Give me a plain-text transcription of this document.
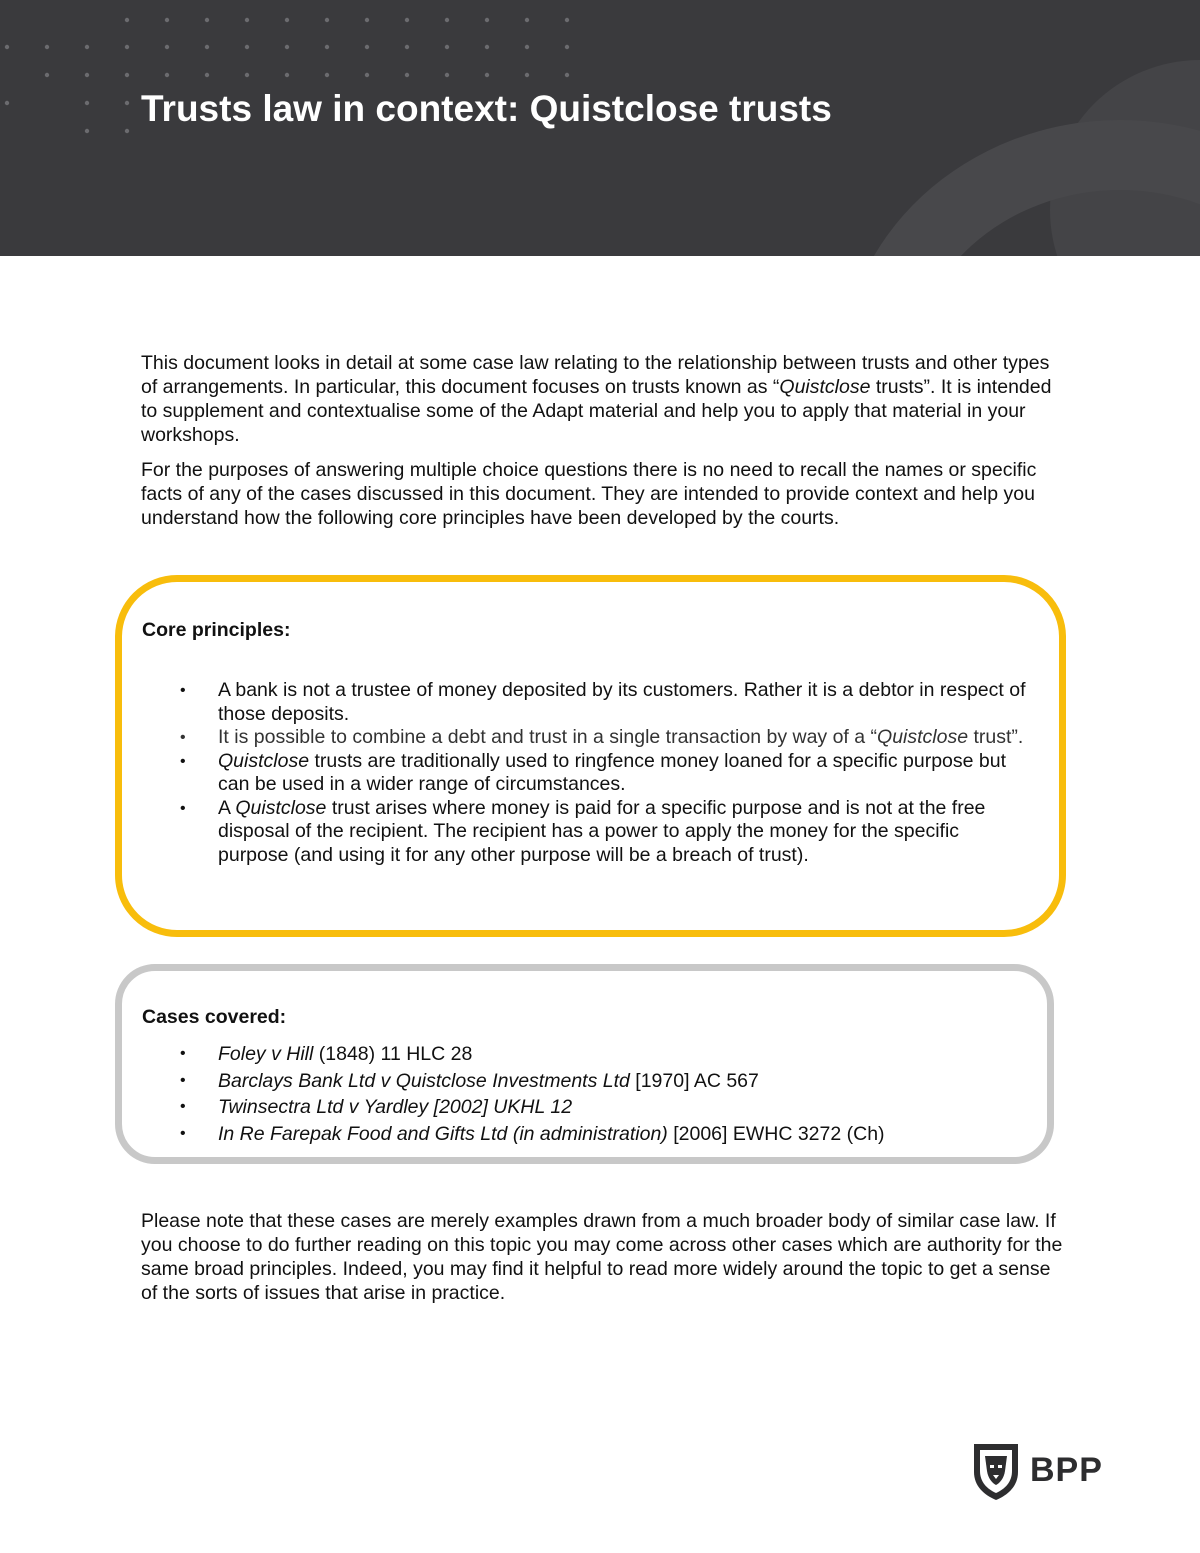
Trusts law in context: Quistclose trusts

This document looks in detail at some case law relating to the relationship between trusts and other types of arrangements. In particular, this document focuses on trusts known as “Quistclose trusts”. It is intended to supplement and contextualise some of the Adapt material and help you to apply that material in your workshops.

For the purposes of answering multiple choice questions there is no need to recall the names or specific facts of any of the cases discussed in this document. They are intended to provide context and help you understand how the following core principles have been developed by the courts.

Core principles:

• A bank is not a trustee of money deposited by its customers. Rather it is a debtor in respect of those deposits.
• It is possible to combine a debt and trust in a single transaction by way of a “Quistclose trust”.
• Quistclose trusts are traditionally used to ringfence money loaned for a specific purpose but can be used in a wider range of circumstances.
• A Quistclose trust arises where money is paid for a specific purpose and is not at the free disposal of the recipient. The recipient has a power to apply the money for the specific purpose (and using it for any other purpose will be a breach of trust).

Cases covered:

• Foley v Hill (1848) 11 HLC 28
• Barclays Bank Ltd v Quistclose Investments Ltd [1970] AC 567
• Twinsectra Ltd v Yardley [2002] UKHL 12
• In Re Farepak Food and Gifts Ltd (in administration) [2006] EWHC 3272 (Ch)

Please note that these cases are merely examples drawn from a much broader body of similar case law. If you choose to do further reading on this topic you may come across other cases which are authority for the same broad principles. Indeed, you may find it helpful to read more widely around the topic to get a sense of the sorts of issues that arise in practice.

BPP
